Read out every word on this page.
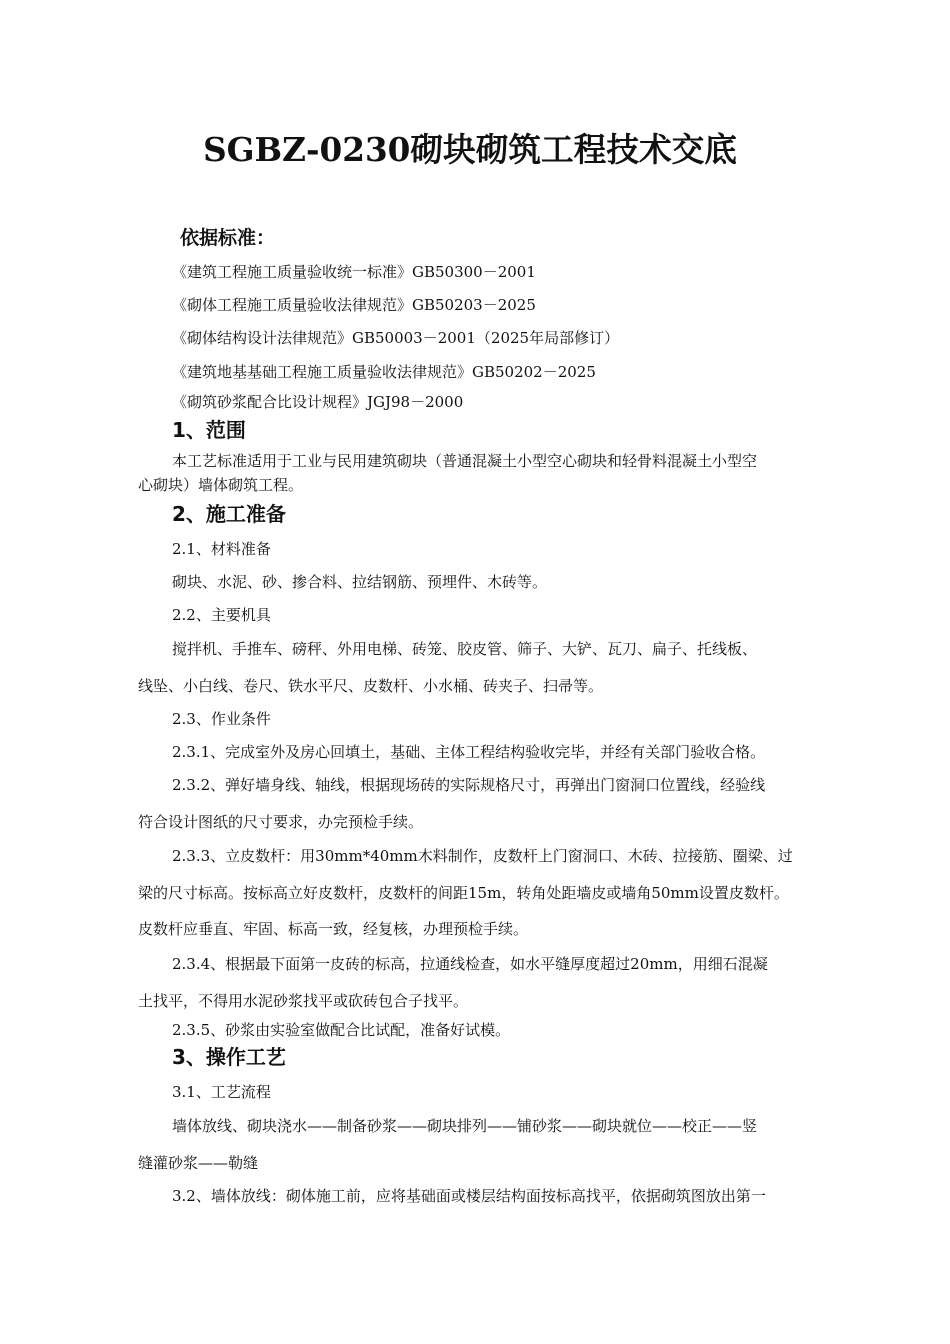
SGBZ-0230砌块砌筑工程技术交底
依据标准：
《建筑工程施工质量验收统一标准》GB50300－2001
《砌体工程施工质量验收法律规范》GB50203－2025
《砌体结构设计法律规范》GB50003－2001（2025年局部修订）
《建筑地基基础工程施工质量验收法律规范》GB50202－2025
《砌筑砂浆配合比设计规程》JGJ98－2000
1、范围
本工艺标准适用于工业与民用建筑砌块（普通混凝土小型空心砌块和轻骨料混凝土小型空
心砌块）墙体砌筑工程。
2、施工准备
2.1、材料准备
砌块、水泥、砂、掺合料、拉结钢筋、预埋件、木砖等。
2.2、主要机具
搅拌机、手推车、磅秤、外用电梯、砖笼、胶皮管、筛子、大铲、瓦刀、扁子、托线板、
线坠、小白线、卷尺、铁水平尺、皮数杆、小水桶、砖夹子、扫帚等。
2.3、作业条件
2.3.1、完成室外及房心回填土，基础、主体工程结构验收完毕，并经有关部门验收合格。
2.3.2、弹好墙身线、轴线，根据现场砖的实际规格尺寸，再弹出门窗洞口位置线，经验线
符合设计图纸的尺寸要求，办完预检手续。
2.3.3、立皮数杆：用30mm*40mm木料制作，皮数杆上门窗洞口、木砖、拉接筋、圈梁、过
梁的尺寸标高。按标高立好皮数杆，皮数杆的间距15m，转角处距墙皮或墙角50mm设置皮数杆。
皮数杆应垂直、牢固、标高一致，经复核，办理预检手续。
2.3.4、根据最下面第一皮砖的标高，拉通线检查，如水平缝厚度超过20mm，用细石混凝
土找平，不得用水泥砂浆找平或砍砖包合子找平。
2.3.5、砂浆由实验室做配合比试配，准备好试模。
3、操作工艺
3.1、工艺流程
墙体放线、砌块浇水——制备砂浆——砌块排列——铺砂浆——砌块就位——校正——竖
缝灌砂浆——勒缝
3.2、墙体放线：砌体施工前，应将基础面或楼层结构面按标高找平，依据砌筑图放出第一
